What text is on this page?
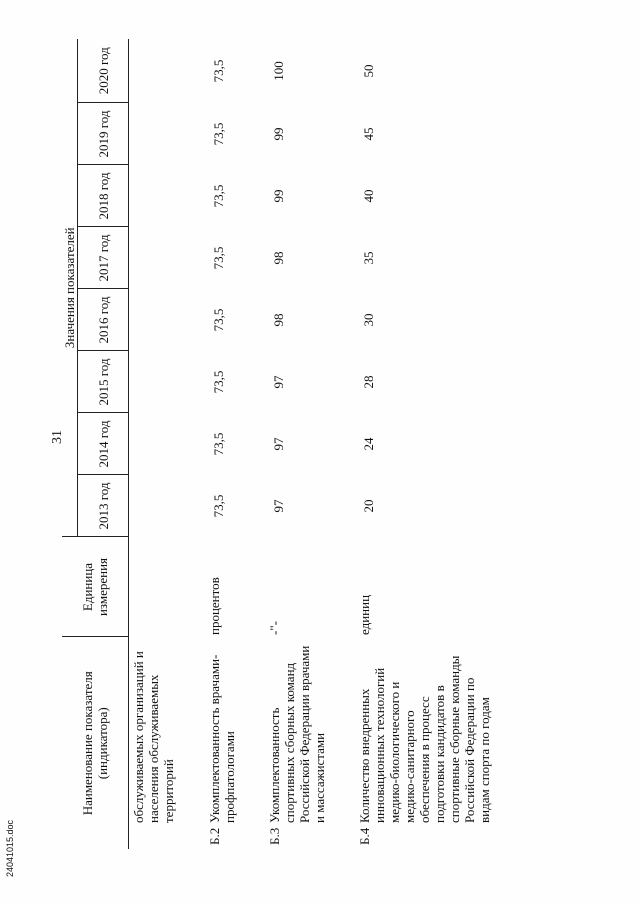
31
24041015.doc
Наименование показателя (индикатора)		Единица измерения	Значения показателей							
			2013 год	2014 год	2015 год	2016 год	2017 год	2018 год	2019 год	2020 год
	обслуживаемых организаций и населения обслуживаемых территорий									
Б.2	Укомплектованность врачами-профпатологами	процентов	73,5	73,5	73,5	73,5	73,5	73,5	73,5	73,5
Б.3	Укомплектованность спортивных сборных команд Российской Федерации врачами и массажистами	-"-	97	97	97	98	98	99	99	100
Б.4	Количество внедренных инновационных технологий медико-биологического и медико-санитарного обеспечения в процесс подготовки кандидатов в спортивные сборные команды Российской Федерации по видам спорта по годам	единиц	20	24	28	30	35	40	45	50
